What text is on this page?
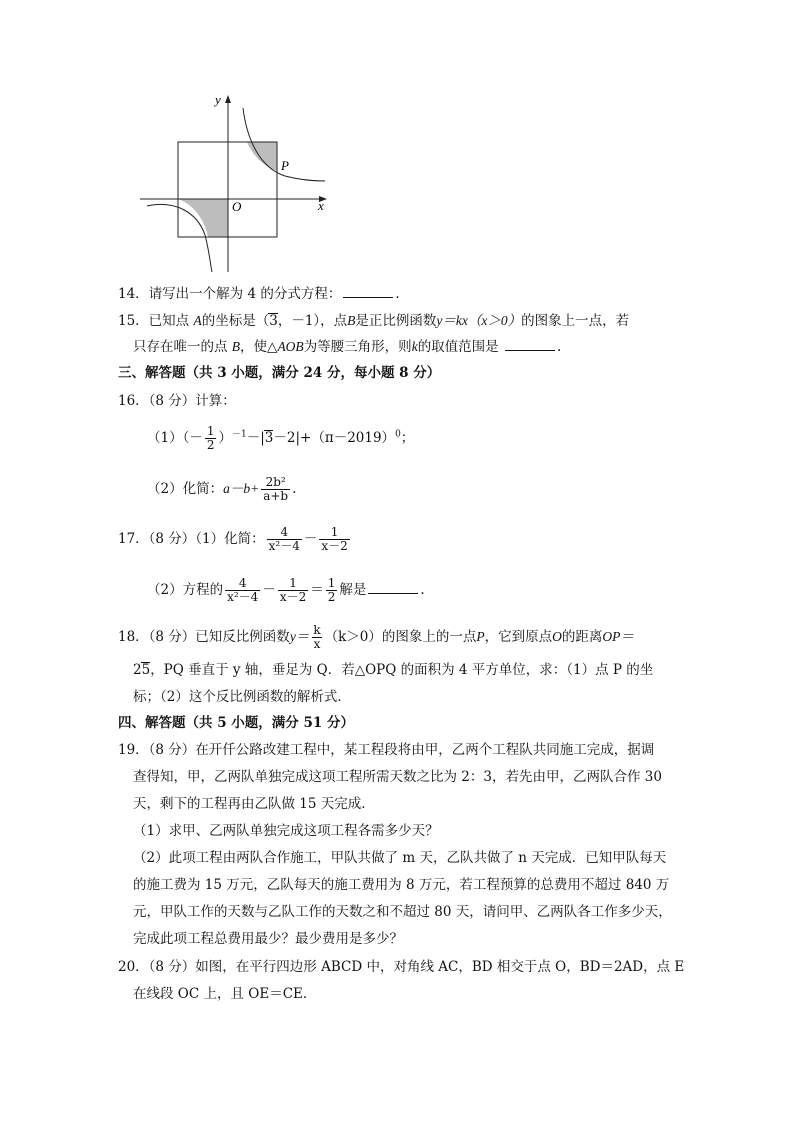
y
x
O
P
14．请写出一个解为 4 的分式方程：	.
15．已知点 A的坐标是（3，－1），点B是正比例函数y＝kx（x＞0）的图象上一点，若
只存在唯一的点 B，使△AOB为等腰三角形，则k的取值范围是	.
三、解答题（共 3 小题，满分 24 分，每小题 8 分）
16．（8 分）计算：
$(1)(- \frac{1}{2} )^{-1}-|3-2|+(\pi-2019)^0$；
（2）化简：$a-b+ \frac{\text{2b²}}{a+b}$ .
17．（8 分）（1）化简： $\frac{4}{\text{x²－4}} - \frac{1}{x-2}$
（2）方程的 $\frac{4}{\text{x²－4}} - \frac{1}{x-2} = \frac{1}{2}$ 解是	.
18．（8 分）已知反比例函数$y= \frac{k}{x} (k>0)$的图象上的一点P，它到原点O的距离OP＝
25，PQ 垂直于 y 轴，垂足为 Q．若△OPQ 的面积为 4 平方单位，求：（1）点 P 的坐
标；（2）这个反比例函数的解析式．
四、解答题（共 5 小题，满分 51 分）
19．（8 分）在开仟公路改建工程中，某工程段将由甲，乙两个工程队共同施工完成，据调
查得知，甲，乙两队单独完成这项工程所需天数之比为 2：3，若先由甲，乙两队合作 30
天，剩下的工程再由乙队做 15 天完成．
（1）求甲、乙两队单独完成这项工程各需多少天？
（2）此项工程由两队合作施工，甲队共做了 m 天，乙队共做了 n 天完成．已知甲队每天
的施工费为 15 万元，乙队每天的施工费用为 8 万元，若工程预算的总费用不超过 840 万
元，甲队工作的天数与乙队工作的天数之和不超过 80 天，请问甲、乙两队各工作多少天，
完成此项工程总费用最少？最少费用是多少？
20．（8 分）如图，在平行四边形 ABCD 中，对角线 AC，BD 相交于点 O，BD＝2AD，点 E
在线段 OC 上，且 OE＝CE．
